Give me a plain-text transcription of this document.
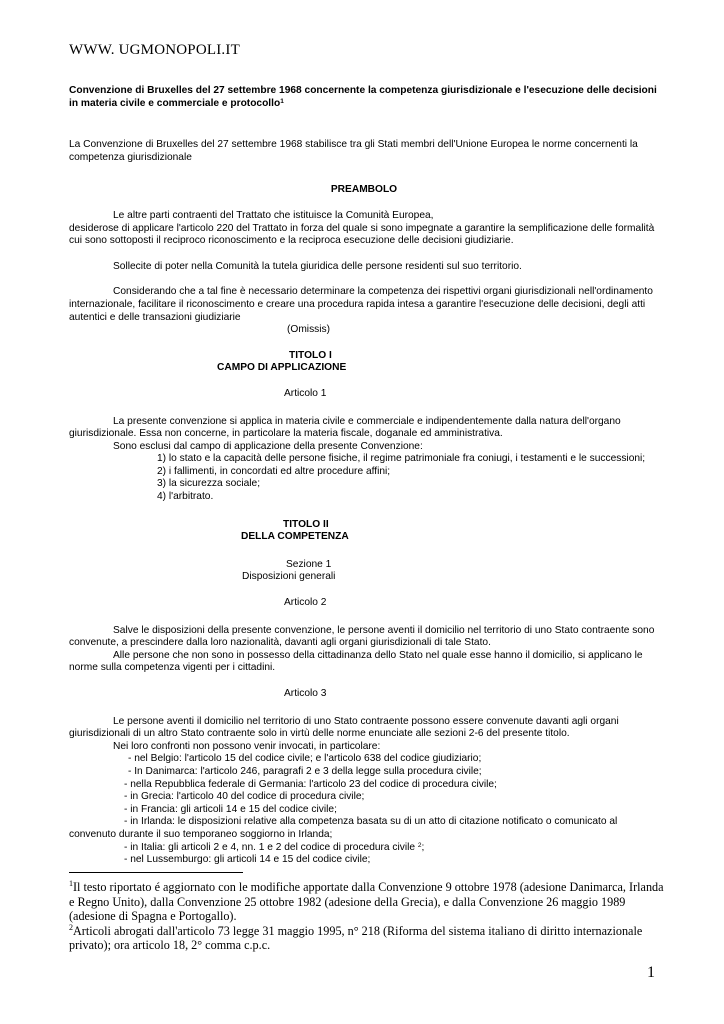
WWW. UGMONOPOLI.IT

Convenzione di Bruxelles del 27 settembre 1968 concernente la competenza giurisdizionale e l'esecuzione delle decisioni in materia civile e commerciale e protocollo$^1$

La Convenzione di Bruxelles del 27 settembre 1968 stabilisce tra gli Stati membri dell'Unione Europea le norme concernenti la competenza giurisdizionale

PREAMBOLO

Le altre parti contraenti del Trattato che istituisce la Comunità Europea,

desiderose di applicare l'articolo 220 del Trattato in forza del quale si sono impegnate a garantire la semplificazione delle formalità cui sono sottoposti il reciproco riconoscimento e la reciproca esecuzione delle decisioni giudiziarie.

Sollecite di poter nella Comunità la tutela giuridica delle persone residenti sul suo territorio.

Considerando che a tal fine è necessario determinare la competenza dei rispettivi organi giurisdizionali nell'ordinamento internazionale, facilitare il riconoscimento e creare una procedura rapida intesa a garantire l'esecuzione delle decisioni, degli atti autentici e delle transazioni giudiziarie

(Omissis)

TITOLO I

CAMPO DI APPLICAZIONE

Articolo 1

La presente convenzione si applica in materia civile e commerciale e indipendentemente dalla natura dell'organo giurisdizionale. Essa non concerne, in particolare la materia fiscale, doganale ed amministrativa.

Sono esclusi dal campo di applicazione della presente Convenzione:

1) lo stato e la capacità delle persone fisiche, il regime patrimoniale fra coniugi, i testamenti e le successioni;

2) i fallimenti, in concordati ed altre procedure affini;

3) la sicurezza sociale;

4) l'arbitrato.

TITOLO II

DELLA COMPETENZA

Sezione 1

Disposizioni generali

Articolo 2

Salve le disposizioni della presente convenzione, le persone aventi il domicilio nel territorio di uno Stato contraente sono convenute, a prescindere dalla loro nazionalità, davanti agli organi giurisdizionali di tale Stato.

Alle persone che non sono in possesso della cittadinanza dello Stato nel quale esse hanno il domicilio, si applicano le norme sulla competenza vigenti per i cittadini.

Articolo 3

Le persone aventi il domicilio nel territorio di uno Stato contraente possono essere convenute davanti agli organi giurisdizionali di un altro Stato contraente solo in virtù delle norme enunciate alle sezioni 2-6 del presente titolo.

Nei loro confronti non possono venir invocati, in particolare:

- nel Belgio: l'articolo 15 del codice civile; e l'articolo 638 del codice giudiziario;

- In Danimarca: l'articolo 246, paragrafi 2 e 3 della legge sulla procedura civile;

- nella Repubblica federale di Germania: l'articolo 23 del codice di procedura civile;

- in Grecia: l'articolo 40 del codice di procedura civile;

- in Francia: gli articoli 14 e 15 del codice civile;

- in Irlanda: le disposizioni relative alla competenza basata su di un atto di citazione notificato o comunicato al convenuto durante il suo temporaneo soggiorno in Irlanda;

- in Italia: gli articoli 2 e 4, nn. 1 e 2 del codice di procedura civile $^2$;

- nel Lussemburgo: gli articoli 14 e 15 del codice civile;

$^1$Il testo riportato é aggiornato con le modifiche apportate dalla Convenzione 9 ottobre 1978 (adesione Danimarca, Irlanda e Regno Unito), dalla Convenzione 25 ottobre 1982 (adesione della Grecia), e dalla Convenzione 26 maggio 1989 (adesione di Spagna e Portogallo).

$^2$Articoli abrogati dall'articolo 73 legge 31 maggio 1995, n° 218 (Riforma del sistema italiano di diritto internazionale privato); ora articolo 18, 2° comma c.p.c.

1
